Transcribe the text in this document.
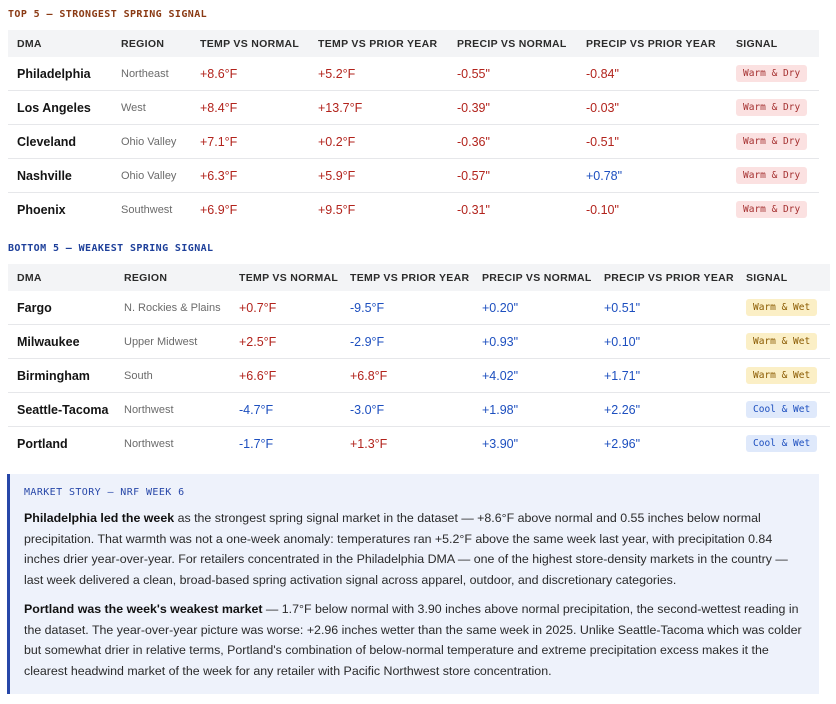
TOP 5 — STRONGEST SPRING SIGNAL
DMA	REGION	TEMP VS NORMAL	TEMP VS PRIOR YEAR	PRECIP VS NORMAL	PRECIP VS PRIOR YEAR	SIGNAL
Philadelphia	Northeast	+8.6°F	+5.2°F	-0.55"	-0.84"	Warm & Dry
Los Angeles	West	+8.4°F	+13.7°F	-0.39"	-0.03"	Warm & Dry
Cleveland	Ohio Valley	+7.1°F	+0.2°F	-0.36"	-0.51"	Warm & Dry
Nashville	Ohio Valley	+6.3°F	+5.9°F	-0.57"	+0.78"	Warm & Dry
Phoenix	Southwest	+6.9°F	+9.5°F	-0.31"	-0.10"	Warm & Dry
BOTTOM 5 — WEAKEST SPRING SIGNAL
DMA	REGION	TEMP VS NORMAL	TEMP VS PRIOR YEAR	PRECIP VS NORMAL	PRECIP VS PRIOR YEAR	SIGNAL
Fargo	N. Rockies & Plains	+0.7°F	-9.5°F	+0.20"	+0.51"	Warm & Wet
Milwaukee	Upper Midwest	+2.5°F	-2.9°F	+0.93"	+0.10"	Warm & Wet
Birmingham	South	+6.6°F	+6.8°F	+4.02"	+1.71"	Warm & Wet
Seattle-Tacoma	Northwest	-4.7°F	-3.0°F	+1.98"	+2.26"	Cool & Wet
Portland	Northwest	-1.7°F	+1.3°F	+3.90"	+2.96"	Cool & Wet
MARKET STORY — NRF WEEK 6

Philadelphia led the week as the strongest spring signal market in the dataset — +8.6°F above normal and 0.55 inches below normal precipitation. That warmth was not a one-week anomaly: temperatures ran +5.2°F above the same week last year, with precipitation 0.84 inches drier year-over-year. For retailers concentrated in the Philadelphia DMA — one of the highest store-density markets in the country — last week delivered a clean, broad-based spring activation signal across apparel, outdoor, and discretionary categories.

Portland was the week's weakest market — 1.7°F below normal with 3.90 inches above normal precipitation, the second-wettest reading in the dataset. The year-over-year picture was worse: +2.96 inches wetter than the same week in 2025. Unlike Seattle-Tacoma which was colder but somewhat drier in relative terms, Portland's combination of below-normal temperature and extreme precipitation excess makes it the clearest headwind market of the week for any retailer with Pacific Northwest store concentration.
